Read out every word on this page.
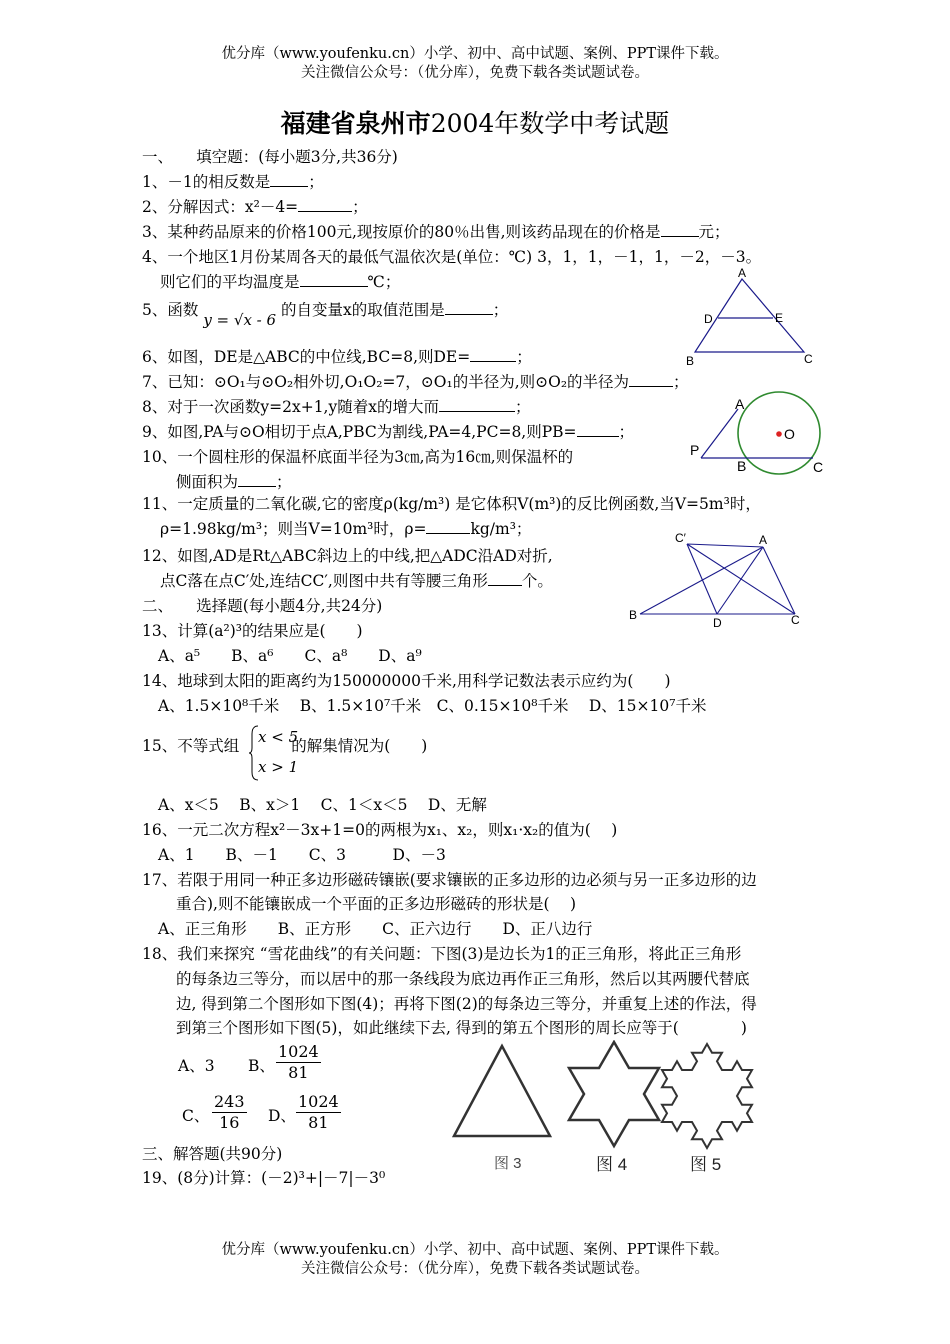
优分库（www.youfenku.cn）小学、初中、高中试题、案例、PPT课件下载。
关注微信公众号：（优分库），免费下载各类试题试卷。
福建省泉州市2004年数学中考试题
一、　　填空题：(每小题3分,共36分)
1、－1的相反数是 ；
2、分解因式：x²－4=	；
3、某种药品原来的价格100元,现按原价的80％出售,则该药品现在的价格是 元；
4、一个地区1月份某周各天的最低气温依次是(单位：℃) 3，1，1，－1，1，－2，－3。
则它们的平均温度是	℃；
5、函数 y = √x - 6 的自变量x的取值范围是	；
6、如图，DE是△ABC的中位线,BC=8,则DE=	；
7、已知：⊙O₁与⊙O₂相外切,O₁O₂=7，⊙O₁的半径为,则⊙O₂的半径为	；
8、对于一次函数y=2x+1,y随着x的增大而	；
9、如图,PA与⊙O相切于点A,PBC为割线,PA=4,PC=8,则PB=	；
10、一个圆柱形的保温杯底面半径为3㎝,高为16㎝,则保温杯的
侧面积为 ；
11、一定质量的二氧化碳,它的密度ρ(kg/m³) 是它体积V(m³)的反比例函数,当V=5m³时，
ρ=1.98kg/m³；则当V=10m³时，ρ=	kg/m³；
12、如图,AD是Rt△ABC斜边上的中线,把△ADC沿AD对折,
点C落在点C′处,连结CC′,则图中共有等腰三角形 个。
二、　　选择题(每小题4分,共24分)
13、计算(a²)³的结果应是(　　)
A、a⁵　　B、a⁶　　C、a⁸　　D、a⁹
14、地球到太阳的距离约为150000000千米,用科学记数法表示应约为(　　)
A、1.5×10⁸千米　 B、1.5×10⁷千米　C、0.15×10⁸千米　 D、15×10⁷千米
15、不等式组	的解集情况为(　　)
x < 5
x > 1
A、x＜5　 B、x＞1　 C、1＜x＜5　 D、无解
16、一元二次方程x²－3x+1=0的两根为x₁、x₂，则x₁·x₂的值为(　 )
A、1　　B、－1　　C、3　　　D、－3
17、若限于用同一种正多边形磁砖镶嵌(要求镶嵌的正多边形的边必须与另一正多边形的边
重合),则不能镶嵌成一个平面的正多边形磁砖的形状是(　 )
A、正三角形　　B、正方形　　C、正六边行　　D、正八边行
18、我们来探究 “雪花曲线”的有关问题：下图(3)是边长为1的正三角形，将此正三角形
的每条边三等分，而以居中的那一条线段为底边再作正三角形，然后以其两腰代替底
边, 得到第二个图形如下图(4)；再将下图(2)的每条边三等分，并重复上述的作法，得
到第三个图形如下图(5)，如此继续下去, 得到的第五个图形的周长应等于(　　　　)
A、3 B、 $\frac{1024}{81}$
C、 $\frac{243}{16}$ D、 $\frac{1024}{81}$
三、解答题(共90分)
19、(8分)计算：(－2)³+|－7|－3⁰
A
B	C
D	E
A
P
B	C
O
C′	A
B
D	C
图 3	图 4	图 5
优分库（www.youfenku.cn）小学、初中、高中试题、案例、PPT课件下载。
关注微信公众号：（优分库），免费下载各类试题试卷。
